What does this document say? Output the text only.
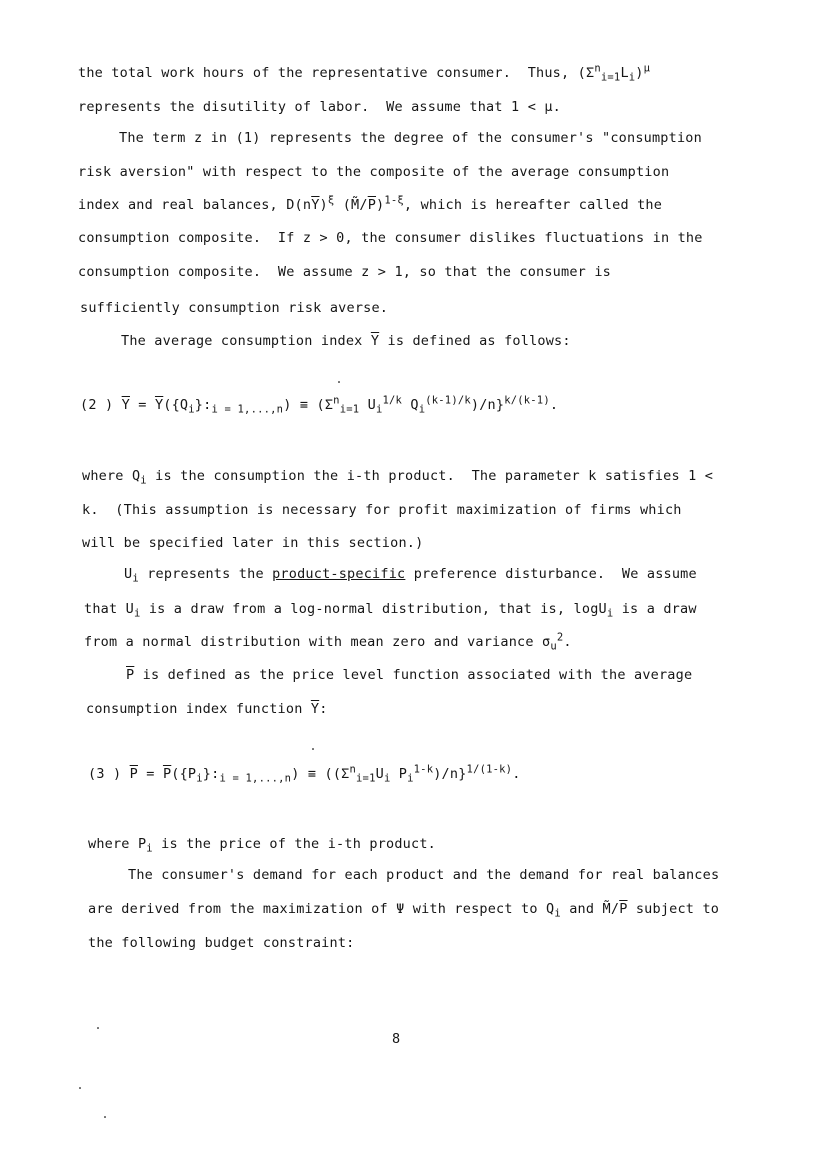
the total work hours of the representative consumer.  Thus, $(\Sigma^n_{i=1}L_i)^\mu$
represents the disutility of labor.  We assume that 1 < μ.
The term z in (1) represents the degree of the consumer's "consumption
risk aversion" with respect to the composite of the average consumption
index and real balances, $D(n\overline{Y})^\xi$ $(M̃/\overline{P})^{1-\xi}$, which is hereafter called the
consumption composite.  If z > 0, the consumer dislikes fluctuations in the
consumption composite.  We assume z > 1, so that the consumer is
sufficiently consumption risk averse.
The average consumption index $\overline{Y}$ is defined as follows:
(2 ) $\overline{Y}$ = $\overline{Y}(\{Q_i\}:_{i = 1,...,n}) \equiv (\Sigma^n_{i=1}$ $U_i^{1/k}$ $Q_i^{(k-1)/k})/n\}^{k/(k-1)}$.
where $Q_i$ is the consumption the i-th product.  The parameter k satisfies 1 <
k.  (This assumption is necessary for profit maximization of firms which
will be specified later in this section.)
$U_i$ represents the product-specific preference disturbance.  We assume
that $U_i$ is a draw from a log-normal distribution, that is, logU$_i$ is a draw
from a normal distribution with mean zero and variance $\sigma_u^2$.
$\overline{P}$ is defined as the price level function associated with the average
consumption index function $\overline{Y}$:
(3 ) $\overline{P}$ = $\overline{P}(\{P_i\}:_{i = 1,...,n}) \equiv ((\Sigma^n_{i=1}U_i$ $P_i^{1-k})/n\}^{1/(1-k)}$.
where $P_i$ is the price of the i-th product.
The consumer's demand for each product and the demand for real balances
are derived from the maximization of Ψ with respect to $Q_i$ and $M̃/\overline{P}$ subject to
the following budget constraint:
8
